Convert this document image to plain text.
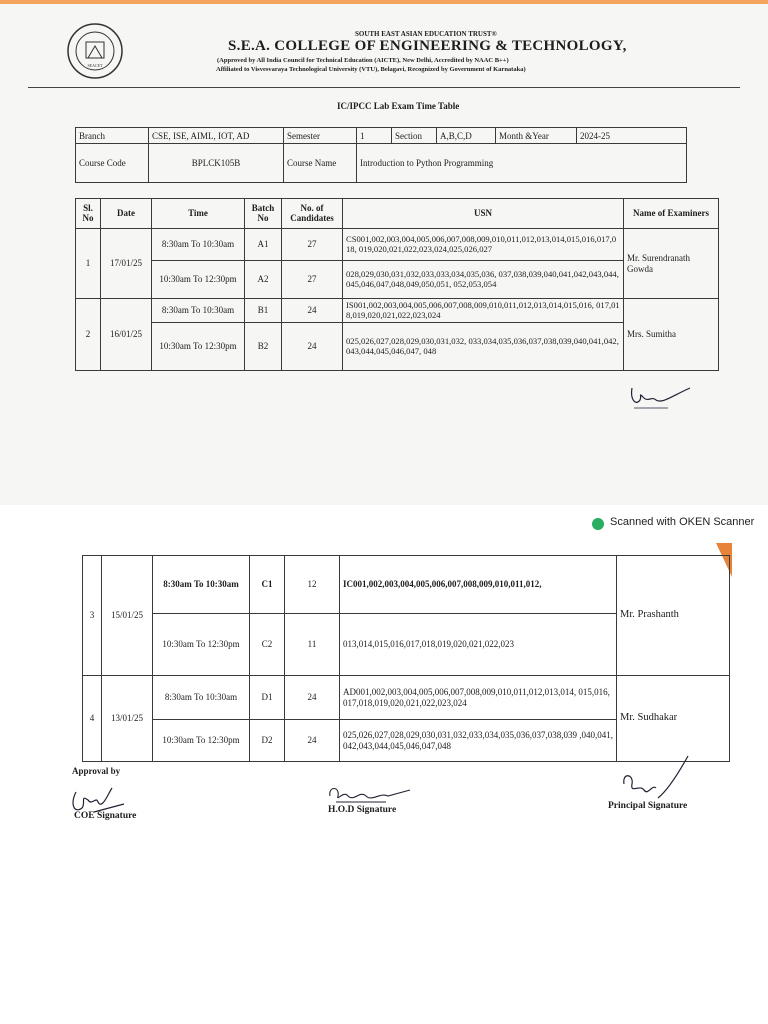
SEACET
SOUTH EAST ASIAN EDUCATION TRUST®
S.E.A. COLLEGE OF ENGINEERING & TECHNOLOGY,
(Approved by All India Council for Technical Education (AICTE), New Delhi, Accredited by NAAC B++)
Affiliated to Visvesvaraya Technological University (VTU), Belagavi, Recognized by Government of Karnataka)
IC/IPCC Lab Exam Time Table
Branch	CSE, ISE, AIML, IOT, AD	Semester	1	Section	A,B,C,D	Month &Year	2024-25
Course Code	BPLCK105B	Course Name	Introduction to Python Programming				
Sl. No	Date	Time	Batch No	No. of Candidates	USN	Name of Examiners
1	17/01/25	8:30am To 10:30am	A1	27	CS001,002,003,004,005,006,007,008,009,010,011,012,013,014,015,016,017,018, 019,020,021,022,023,024,025,026,027	Mr. Surendranath Gowda
		10:30am To 12:30pm	A2	27	028,029,030,031,032,033,033,034,035,036, 037,038,039,040,041,042,043,044,045,046,047,048,049,050,051, 052,053,054	
2	16/01/25	8:30am To 10:30am	B1	24	IS001,002,003,004,005,006,007,008,009,010,011,012,013,014,015,016, 017,018,019,020,021,022,023,024	Mrs. Sumitha
		10:30am To 12:30pm	B2	24	025,026,027,028,029,030,031,032, 033,034,035,036,037,038,039,040,041,042,043,044,045,046,047, 048	
Scanned with OKEN Scanner
3	15/01/25	8:30am To 10:30am	C1	12	IC001,002,003,004,005,006,007,008,009,010,011,012,	Mr. Prashanth
		10:30am To 12:30pm	C2	11	013,014,015,016,017,018,019,020,021,022,023	
4	13/01/25	8:30am To 10:30am	D1	24	AD001,002,003,004,005,006,007,008,009,010,011,012,013,014, 015,016, 017,018,019,020,021,022,023,024	Mr. Sudhakar
		10:30am To 12:30pm	D2	24	025,026,027,028,029,030,031,032,033,034,035,036,037,038,039 ,040,041,042,043,044,045,046,047,048	
Approval by
COE Signature
H.O.D Signature	Principal Signature
